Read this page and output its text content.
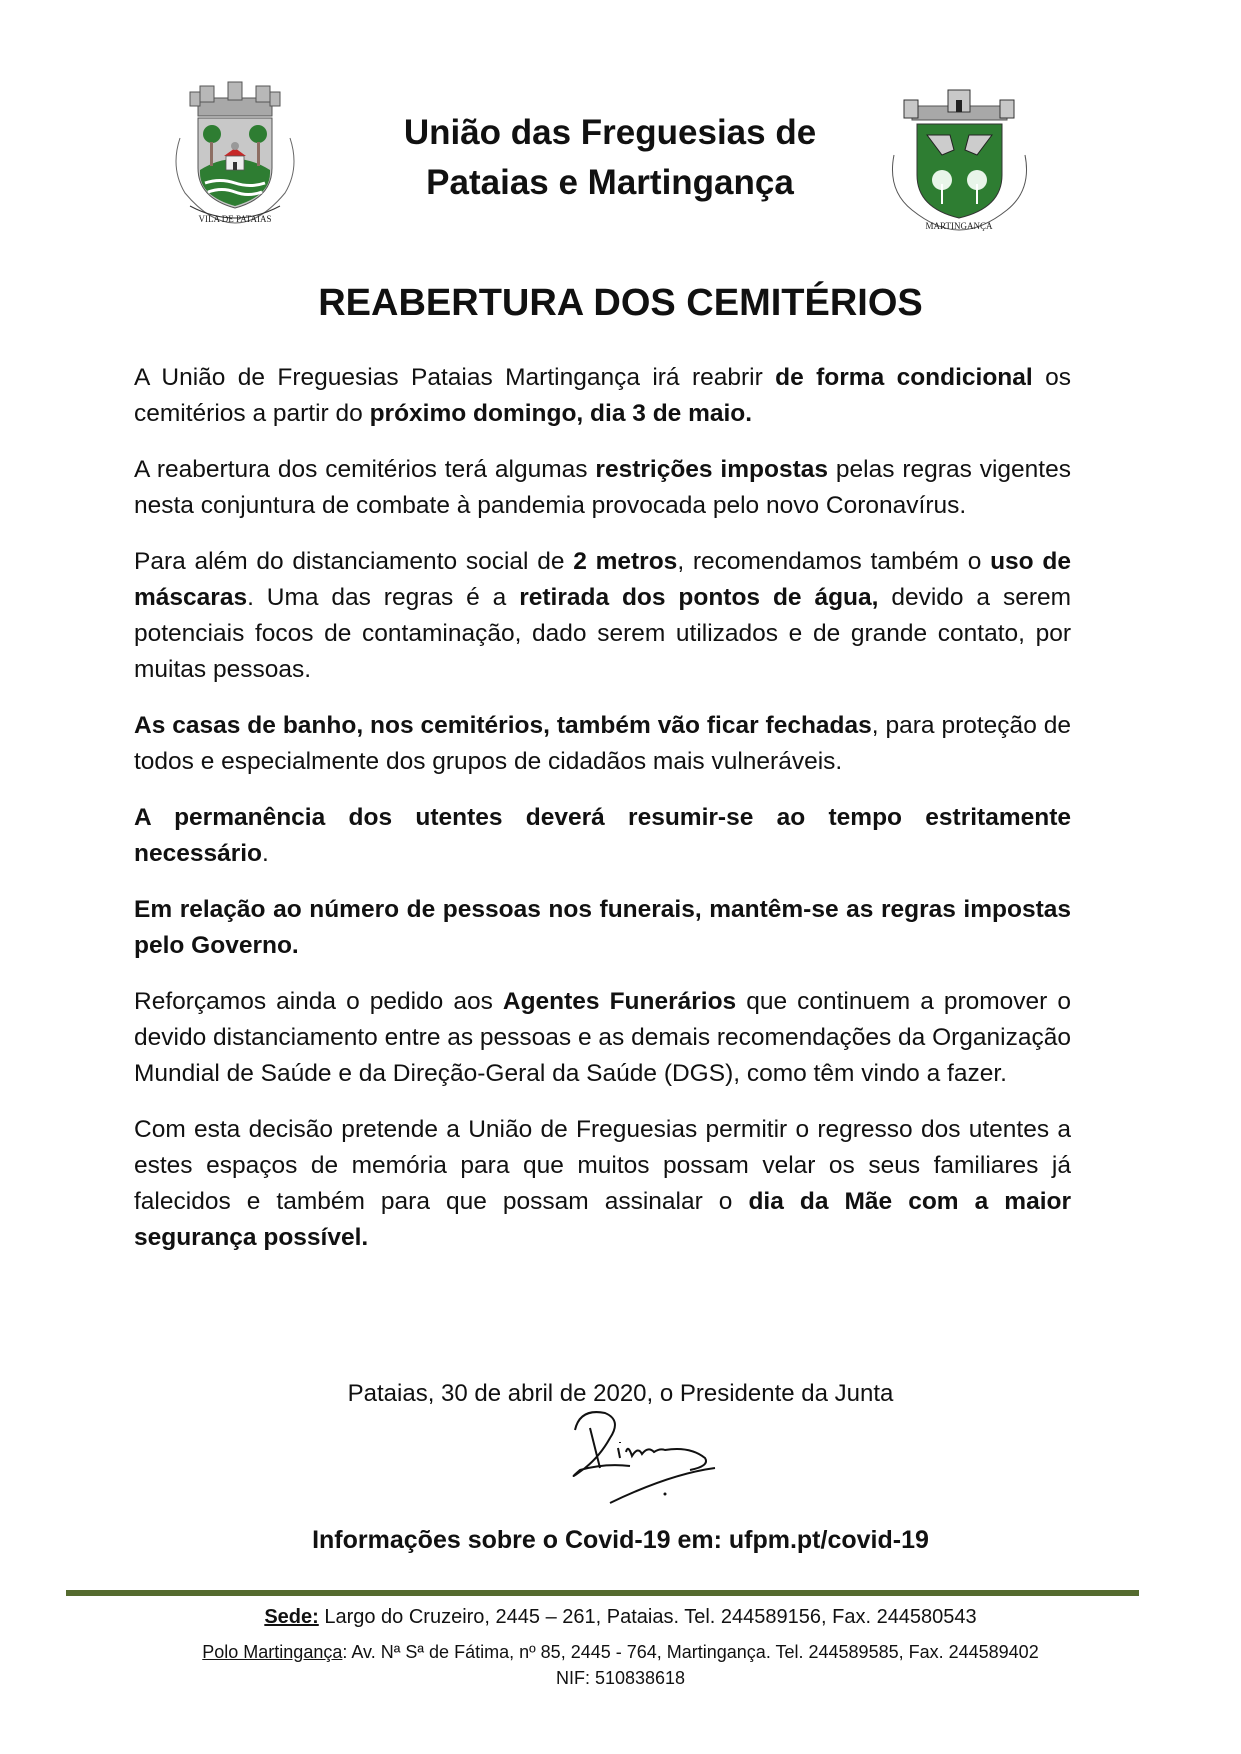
VILA DE PATAIAS
União das Freguesias de
Pataias e Martingança
MARTINGANÇA
REABERTURA DOS CEMITÉRIOS

A União de Freguesias Pataias Martingança irá reabrir de forma condicional os cemitérios a partir do próximo domingo, dia 3 de maio.

A reabertura dos cemitérios terá algumas restrições impostas pelas regras vigentes nesta conjuntura de combate à pandemia provocada pelo novo Coronavírus.

Para além do distanciamento social de 2 metros, recomendamos também o uso de máscaras. Uma das regras é a retirada dos pontos de água, devido a serem potenciais focos de contaminação, dado serem utilizados e de grande contato, por muitas pessoas.

As casas de banho, nos cemitérios, também vão ficar fechadas, para proteção de todos e especialmente dos grupos de cidadãos mais vulneráveis.

A permanência dos utentes deverá resumir-se ao tempo estritamente necessário.

Em relação ao número de pessoas nos funerais, mantêm-se as regras impostas pelo Governo.

Reforçamos ainda o pedido aos Agentes Funerários que continuem a promover o devido distanciamento entre as pessoas e as demais recomendações da Organização Mundial de Saúde e da Direção-Geral da Saúde (DGS), como têm vindo a fazer.

Com esta decisão pretende a União de Freguesias permitir o regresso dos utentes a estes espaços de memória para que muitos possam velar os seus familiares já falecidos e também para que possam assinalar o dia da Mãe com a maior segurança possível.

Pataias, 30 de abril de 2020, o Presidente da Junta
Informações sobre o Covid-19 em: ufpm.pt/covid-19
Sede: Largo do Cruzeiro, 2445 – 261, Pataias. Tel. 244589156, Fax. 244580543
Polo Martingança: Av. Nª Sª de Fátima, nº 85, 2445 - 764, Martingança. Tel. 244589585, Fax. 244589402
NIF: 510838618
